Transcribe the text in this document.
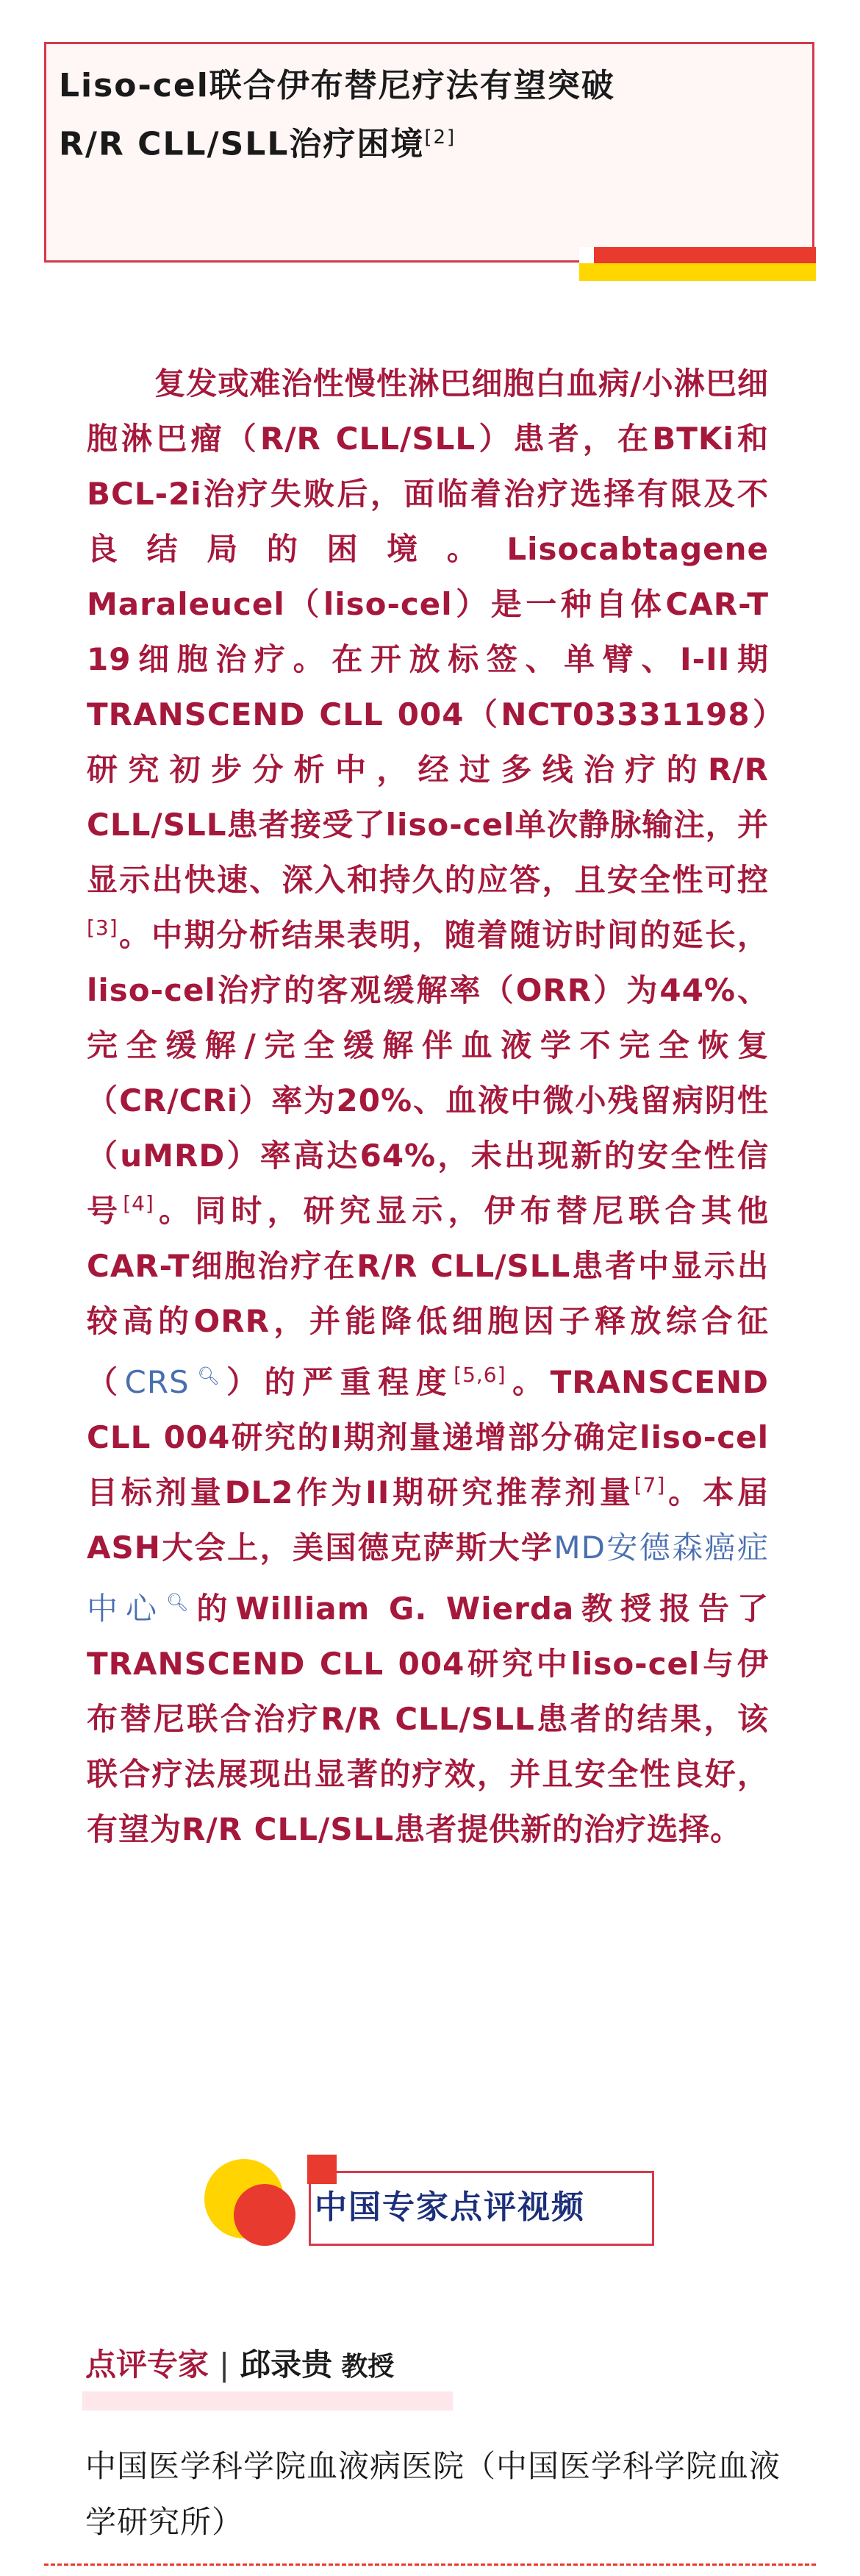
Liso-cel联合伊布替尼疗法有望突破
R/R CLL/SLL治疗困境[2]
复发或难治性慢性淋巴细胞白血病/小淋巴细胞淋巴瘤（R/R CLL/SLL）患者，在BTKi和BCL-2i治疗失败后，面临着治疗选择有限及不良结局的困境。Lisocabtagene Maraleucel（liso-cel）是一种自体CAR-T 19细胞治疗。在开放标签、单臂、I-II期TRANSCEND CLL 004（NCT03331198）研究初步分析中，经过多线治疗的R/R CLL/SLL患者接受了liso-cel单次静脉输注，并显示出快速、深入和持久的应答，且安全性可控[3]。中期分析结果表明，随着随访时间的延长，liso-cel治疗的客观缓解率（ORR）为44%、完全缓解/完全缓解伴血液学不完全恢复（CR/CRi）率为20%、血液中微小残留病阴性（uMRD）率高达64%，未出现新的安全性信号[4]。同时，研究显示，伊布替尼联合其他CAR-T细胞治疗在R/R CLL/SLL患者中显示出较高的ORR，并能降低细胞因子释放综合征（CRS🔍︎）的严重程度[5,6]。TRANSCEND CLL 004研究的I期剂量递增部分确定liso-cel目标剂量DL2作为II期研究推荐剂量[7]。本届ASH大会上，美国德克萨斯大学MD安德森癌症中心🔍︎的William G. Wierda教授报告了TRANSCEND CLL 004研究中liso-cel与伊布替尼联合治疗R/R CLL/SLL患者的结果，该联合疗法展现出显著的疗效，并且安全性良好，有望为R/R CLL/SLL患者提供新的治疗选择。
中国专家点评视频
点评专家 | 邱录贵 教授
中国医学科学院血液病医院（中国医学科学院血液学研究所）
